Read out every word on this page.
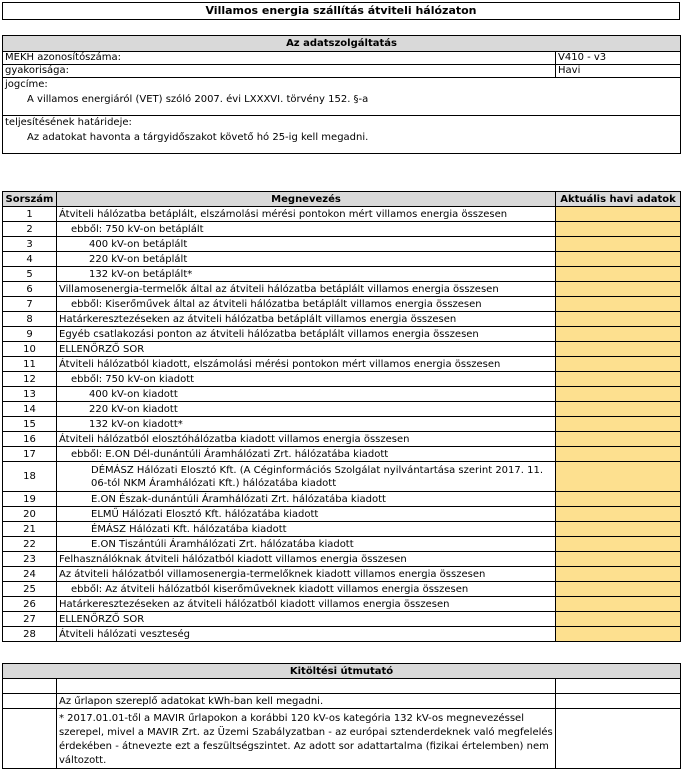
Villamos energia szállítás átviteli hálózaton
Az adatszolgáltatás	
MEKH azonosítószáma:	V410 - v3
gyakorisága:	Havi

jogcíme:
A villamos energiáról (VET) szóló 2007. évi LXXXVI. törvény 152. §-a	

teljesítésének határideje:
Az adatokat havonta a tárgyidőszakot követő hó 25-ig kell megadni.	
Sorszám	Megnevezés	Aktuális havi adatok
1	Átviteli hálózatba betáplált, elszámolási mérési pontokon mért villamos energia összesen	
2	ebből: 750 kV-on betáplált	
3	400 kV-on betáplált	
4	220 kV-on betáplált	
5	132 kV-on betáplált*	
6	Villamosenergia-termelők által az átviteli hálózatba betáplált villamos energia összesen	
7	ebből: Kiserőművek által az átviteli hálózatba betáplált villamos energia összesen	
8	Határkeresztezéseken az átviteli hálózatba betáplált villamos energia összesen	
9	Egyéb csatlakozási ponton az átviteli hálózatba betáplált villamos energia összesen	
10	ELLENŐRZŐ SOR	
11	Átviteli hálózatból kiadott, elszámolási mérési pontokon mért villamos energia összesen	
12	ebből: 750 kV-on kiadott	
13	400 kV-on kiadott	
14	220 kV-on kiadott	
15	132 kV-on kiadott*	
16	Átviteli hálózatból elosztóhálózatba kiadott villamos energia összesen	
17	ebből: E.ON Dél-dunántúli Áramhálózati Zrt. hálózatába kiadott	
18	DÉMÁSZ Hálózati Elosztó Kft. (A Céginformációs Szolgálat nyilvántartása szerint 2017. 11. 06-tól NKM Áramhálózati Kft.) hálózatába kiadott	
19	E.ON Észak-dunántúli Áramhálózati Zrt. hálózatába kiadott	
20	ELMŰ Hálózati Elosztó Kft. hálózatába kiadott	
21	ÉMÁSZ Hálózati Kft. hálózatába kiadott	
22	E.ON Tiszántúli Áramhálózati Zrt. hálózatába kiadott	
23	Felhasználóknak átviteli hálózatból kiadott villamos energia összesen	
24	Az átviteli hálózatból villamosenergia-termelőknek kiadott villamos energia összesen	
25	ebből: Az átviteli hálózatból kiserőműveknek kiadott villamos energia összesen	
26	Határkeresztezéseken az átviteli hálózatból kiadott villamos energia összesen	
27	ELLENŐRZŐ SOR	
28	Átviteli hálózati veszteség	
Kitöltési útmutató		

	Az űrlapon szereplő adatokat kWh-ban kell megadni.	
	* 2017.01.01-től a MAVIR űrlapokon a korábbi 120 kV-os kategória 132 kV-os megnevezéssel szerepel, mivel a MAVIR Zrt. az Üzemi Szabályzatban - az európai sztenderdeknek való megfelelés érdekében - átnevezte ezt a feszültségszintet. Az adott sor adattartalma (fizikai értelemben) nem változott.	
